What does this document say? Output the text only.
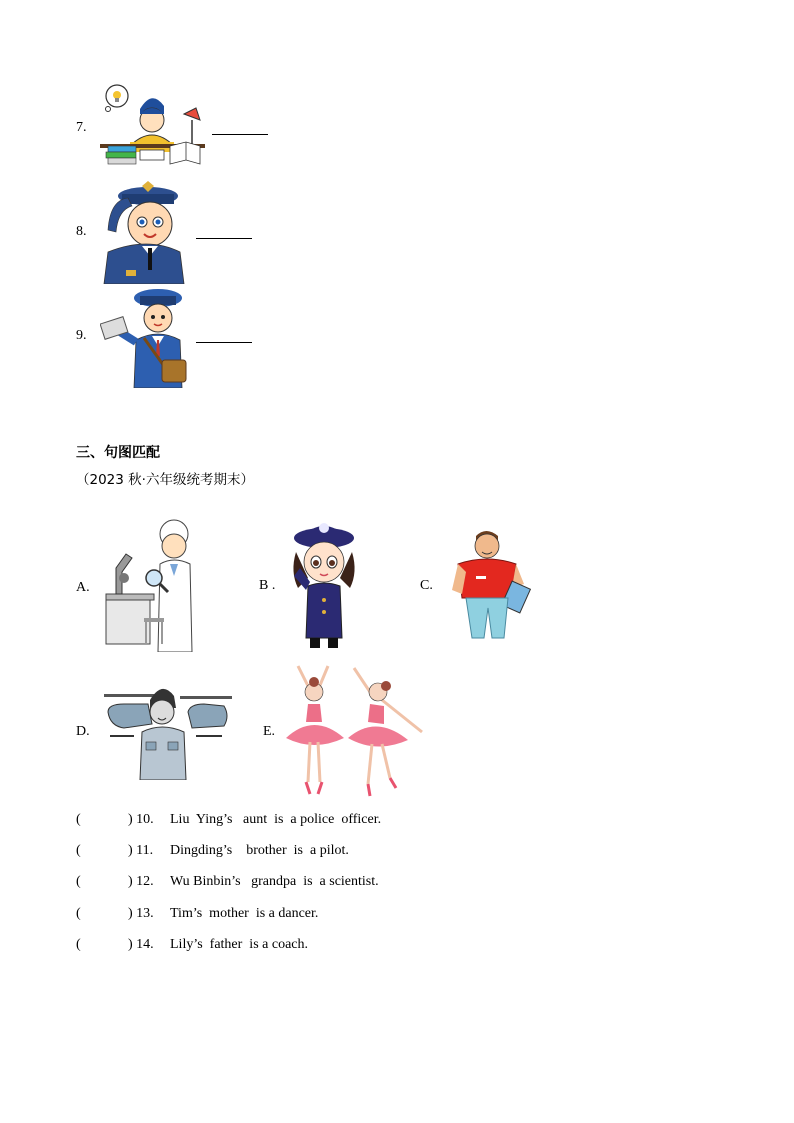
7.
8.
9.
三、句图匹配
（2023 秋·六年级统考期末）
A.	B .	C.
D.	E.
(	) 10. Liu  Ying’s   aunt  is  a police  officer.
(	) 11. Dingding’s    brother  is  a pilot.
(	) 12. Wu Binbin’s   grandpa  is  a scientist.
(	) 13. Tim’s  mother  is a dancer.
(	) 14. Lily’s  father  is a coach.
